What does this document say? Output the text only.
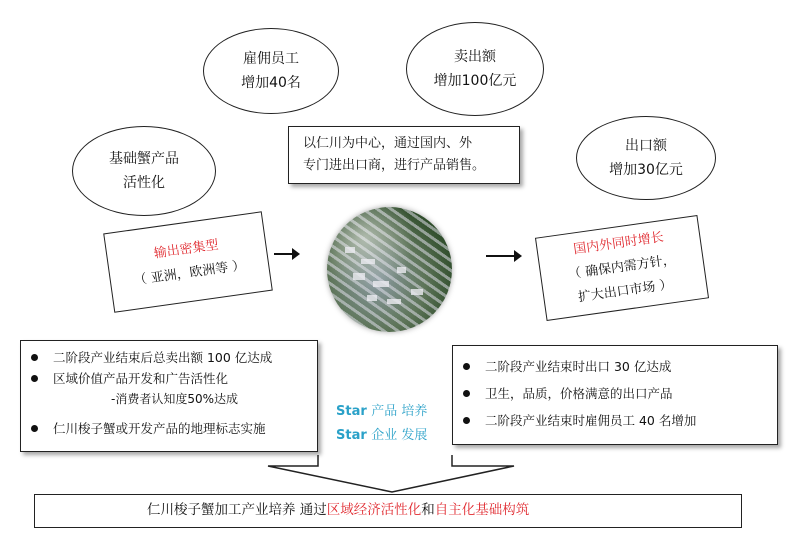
雇佣员工
增加40名
卖出额
增加100亿元
基础蟹产品
活性化
出口额
增加30亿元
以仁川为中心，通过国内、外
专门进出口商，进行产品销售。
输出密集型
（ 亚洲，欧洲等 ）
国内外同时增长
（ 确保内需方针，
扩大出口市场 ）
二阶段产业结束后总卖出额 100 亿达成
区域价值产品开发和广告活性化
-消费者认知度50%达成
仁川梭子蟹或开发产品的地理标志实施
Star 产品 培养
Star 企业 发展
二阶段产业结束时出口 30 亿达成
卫生，品质，价格满意的出口产品
二阶段产业结束时雇佣员工 40 名增加
仁川梭子蟹加工产业培养 通过区域经济活性化和自主化基础构筑
